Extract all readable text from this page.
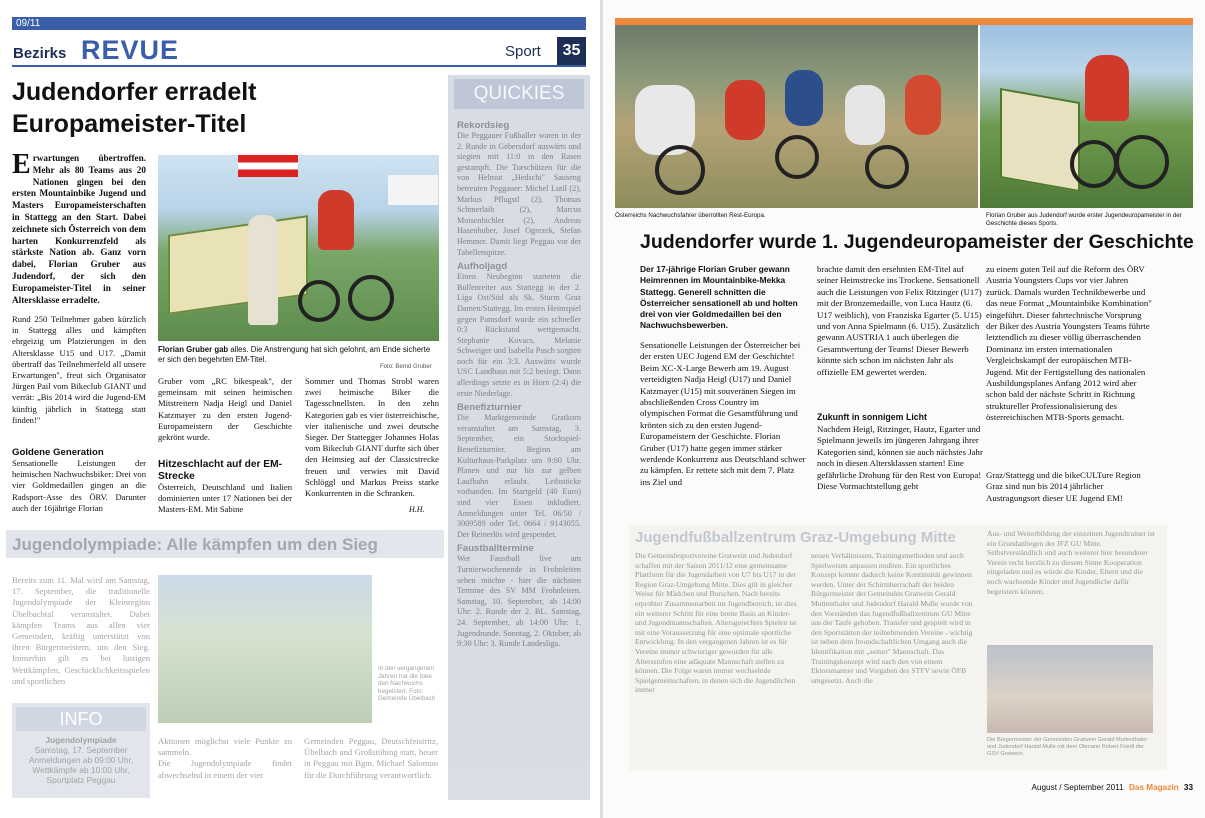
09/11
Bezirks REVUE	Sport	35
Judendorfer erradelt Europameister-Titel
Erwartungen übertroffen. Mehr als 80 Teams aus 20 Nationen gingen bei den ersten Mountainbike Jugend und Masters Europameisterschaften in Stattegg an den Start. Dabei zeichnete sich Österreich von dem harten Konkurrenzfeld als stärkste Nation ab. Ganz vorn dabei, Florian Gruber aus Judendorf, der sich den Europameister-Titel in seiner Altersklasse erradelte.
Rund 250 Teilnehmer gaben kürzlich in Stattegg alles und kämpften ehrgeizig um Platzierungen in den Altersklasse U15 und U17. „Damit übertraff das Teilnehmerfeld all unsere Erwartungen", freut sich Organisator Jürgen Pail vom Bikeclub GIANT und verrät: „Bis 2014 wird die Jugend-EM künftig jährlich in Stattegg statt finden!"
Goldene Generation
Sensationelle Leistungen der heimischen Nachwuchsbiker: Drei von vier Goldmedaillen gingen an die Radsport-Asse des ÖRV. Darunter auch der 16jährige Florian
Florian Gruber gab alles. Die Anstrengung hat sich gelohnt, am Ende sicherte er sich den begehrten EM-Titel.
Foto: Bernd Gruber
Gruber vom „RC bikespeak", der gemeinsam mit seinen heimischen Mitstreitern Nadja Heigl und Daniel Katzmayer zu den ersten Jugend-Europameistern der Geschichte gekrönt wurde.
Hitzeschlacht auf der EM-Strecke
Österreich, Deutschland und Italien dominierten unter 17 Nationen bei der Masters-EM. Mit Sabine
Sommer und Thomas Strobl waren zwei heimische Biker die Tagesschnellsten. In den zehn Kategorien gab es vier österreichische, vier italienische und zwei deutsche Sieger. Der Stattegger Johannes Holas vom Bikeclub GIANT durfte sich über den Heimsieg auf der Classicstrecke freuen und verwies mit David Schlöggl und Markus Preiss starke Konkurrenten in die Schranken.
H.H.
QUICKIES
Rekordsieg
Die Peggauer Fußballer waren in der 2. Runde in Gebersdorf auswärts und siegten mit 11:0 in den Rasen gestampft. Die Torschützen für die von Helmut „Hedschi" Sauseng betreuten Peggauer: Michel Lutil (2), Markus Pflugstl (2), Thomas Schmerlaib (2), Marcus Moisenbichler (2), Andreas Hasenhuber, Josef Ogrezek, Stefan Hemmer. Damit liegt Peggau vor der Tabellenspitze.
Aufholjagd
Einen Neubeginn starteten die Bullenreiter aus Stattegg in der 2. Liga Ost/Süd als Sk. Sturm Graz Damen/Stattegg. Im ersten Heimspiel gegen Pamsdorf wurde ein schneller 0:3 Rückstand wettgemacht. Stephanie Kovacs, Melanie Schweiger und Isabella Pasch sorgten noch für ein 3:3. Auswärts wurde USC Landhaus mit 5:2 besiegt. Dann allerdings setzte es in Horn (2:4) die erste Niederlage.
Benefizturnier
Die Marktgemeinde Gratkorn veranstaltet am Samstag, 3. September, ein Stockspiel-Benefizturnier. Beginn am Kulturhaus-Parkplatz um 9:00 Uhr. Planen und nur bis zur gelben Laufbahn erlaubt. Leibstöcke vorhanden. Im Startgeld (40 Euro) sind vier Essen inkludiert. Anmeldungen unter Tel. 06/50 / 3009589 oder Tel. 0664 / 9143055. Der Reinerlös wird gespendet.
Faustballtermine
Wer Faustball live am Turnierwochenende in Frohnleiten sehen möchte - hier die nächsten Termine des SV MM Frohnleiten. Samstag, 10. September, ab 14:00 Uhr: 2. Runde der 2. BL. Samstag, 24. September, ab 14:00 Uhr: 1. Jugendrunde. Sonntag, 2. Oktober, ab 9:30 Uhr: 3. Runde Landesliga.
Jugendolympiade: Alle kämpfen um den Sieg
Bereits zum 11. Mal wird am Samstag, 17. September, die traditionelle Jugendolympiade der Kleinregion Übelbachtal veranstaltet. Dabei kämpfen Teams aus allen vier Gemeinden, kräftig unterstützt von ihren Bürgermeistern, um den Sieg. Immerhin gilt es bei lustigen Wettkämpfen, Geschicklichkeitsspielen und sportlichen
In den vergangenen Jahren hat die Idee den Nachwuchs begeistert. Foto: Gemeinde Übelbach
INFO
Jugendolympiade
Samstag, 17. September
Anmeldungen ab 09:00 Uhr,
Wettkämpfe ab 10:00 Uhr,
Sportplatz Peggau
Aktionen möglichst viele Punkte zu sammeln.
Die Jugendolympiade findet abwechselnd in einem der vier
Gemeinden Peggau, Deutschfeistritz, Übelbach und Großstübing statt, heuer in Peggau mit Bgm. Michael Salomon für die Durchführung verantwortlich.
Österreichs Nachwuchsfahrer überrollten Rest-Europa.	Florian Gruber aus Judendorf wurde erster Jugendeuropameister in der Geschichte dieses Sports.
Judendorfer wurde 1. Jugendeuropameister der Geschichte
Der 17-jährige Florian Gruber gewann Heimrennen im Mountainbike-Mekka Stattegg. Generell schnitten die Österreicher sensationell ab und holten drei von vier Goldmedaillen bei den Nachwuchsbewerben.
Sensationelle Leistungen der Österreicher bei der ersten UEC Jugend EM der Geschichte! Beim XC-X-Large Bewerb am 19. August verteidigten Nadja Heigl (U17) und Daniel Katzmayer (U15) mit souveränen Siegen im abschließenden Cross Country im olympischen Format die Gesamtführung und krönten sich zu den ersten Jugend-Europameistern der Geschichte. Florian Gruber (U17) hatte gegen immer stärker werdende Konkurrenz aus Deutschland schwer zu kämpfen. Er rettete sich mit dem 7. Platz ins Ziel und
brachte damit den ersehnten EM-Titel auf seiner Heimstrecke ins Trockene. Sensationell auch die Leistungen von Felix Ritzinger (U17) mit der Bronzemedaille, von Luca Hautz (6. U17 weiblich), von Franziska Egarter (5. U15) und von Anna Spielmann (6. U15). Zusätzlich gewann AUSTRIA 1 auch überlegen die Gesamtwertung der Teams! Dieser Bewerb könnte sich schon im nächsten Jahr als offizielle EM gewertet werden.
Zukunft in sonnigem Licht
Nachdem Heigl, Ritzinger, Hautz, Egarter und Spielmann jeweils im jüngeren Jahrgang ihrer Kategorien sind, können sie auch nächstes Jahr noch in diesen Altersklassen starten! Eine gefährliche Drohung für den Rest von Europa! Diese Vormachtstellung geht
zu einem guten Teil auf die Reform des ÖRV Austria Youngsters Cups vor vier Jahren zurück. Damals wurden Technikbewerbe und das neue Format „Mountainbike Kombination" eingeführt. Dieser fahrtechnische Vorsprung der Biker des Austria Youngsters Teams führte letztendlich zu dieser völlig überraschenden Dominanz im ersten internationalen Vergleichskampf der europäischen MTB-Jugend. Mit der Fertigstellung des nationalen Ausbildungsplanes Anfang 2012 wird aber schon bald der nächste Schritt in Richtung struktureller Professionalisierung des österreichischen MTB-Sports gemacht.
Graz/Stattegg und die bikeCULTure Region Graz sind nun bis 2014 jährlicher Austragungsort dieser UE Jugend EM!
Jugendfußballzentrum Graz-Umgebung Mitte
Die Gemeindesportvereine Gratwein und Judendorf schaffen mit der Saison 2011/12 eine gemeinsame Plattform für die Jugendarbeit von U7 bis U17 in der Region Graz-Umgebung Mitte. Dies gilt in gleicher Weise für Mädchen und Burschen. Nach bereits erprobter Zusammenarbeit im Jugendbereich, ist dies ein weiterer Schritt für eine breite Basis an Kinder- und Jugendmannschaften. Altersgerechtes Spielen ist mit eine Voraussetzung für eine optimale sportliche Entwicklung. In den vergangenen Jahren ist es für Vereine immer schwieriger geworden für alle Altersstufen eine adäquate Mannschaft stellen zu können. Die Folge waren immer wechselnde Spielgemeinschaften, in denen sich die Jugendlichen immer
neuen Verhältnissen, Trainingsmethoden und auch Spielweisen anpassen mußten. Ein sportliches Konzept konnte dadurch keine Kontinuität gewinnen werden. Unter der Schirmherrschaft der beiden Bürgermeister der Gemeinden Gratwein Gerald Muttenthaler und Judendorf Harald Mulle wurde von den Vorständen das Jugendfußballzentrum GU Mitte aus der Taufe gehoben. Transfer und gespielt wird in den Sportstätten der teilnehmenden Vereine - wichtig ist neben dem freundschaftlichen Umgang auch die Identifikation mit „seiner" Mannschaft. Das Trainingskonzept wird nach den von einem Ektorsmanner und Vorgaben des STFV sowie ÖFB umgesetzt. Auch die
Aus- und Weiterbildung der einzelnen Jugendtrainer ist ein Grundanliegen der JFZ GU Mitte. Selbstverständlich und auch weiterer hier besonderer Verein recht herzlich zu diesem Sinne Kooperation eingeladen und es würde die Kinder, Eltern und die noch wachsende Kinder und Jugendliche dafür begeistern können.
Die Bürgermeister der Gemeinden Gratwein Gerald Muttenthaler und Judendorf Harald Mulle mit dem Obmann Robert Friedl der GSV Gratwein
August / September 2011 Das Magazin 33
